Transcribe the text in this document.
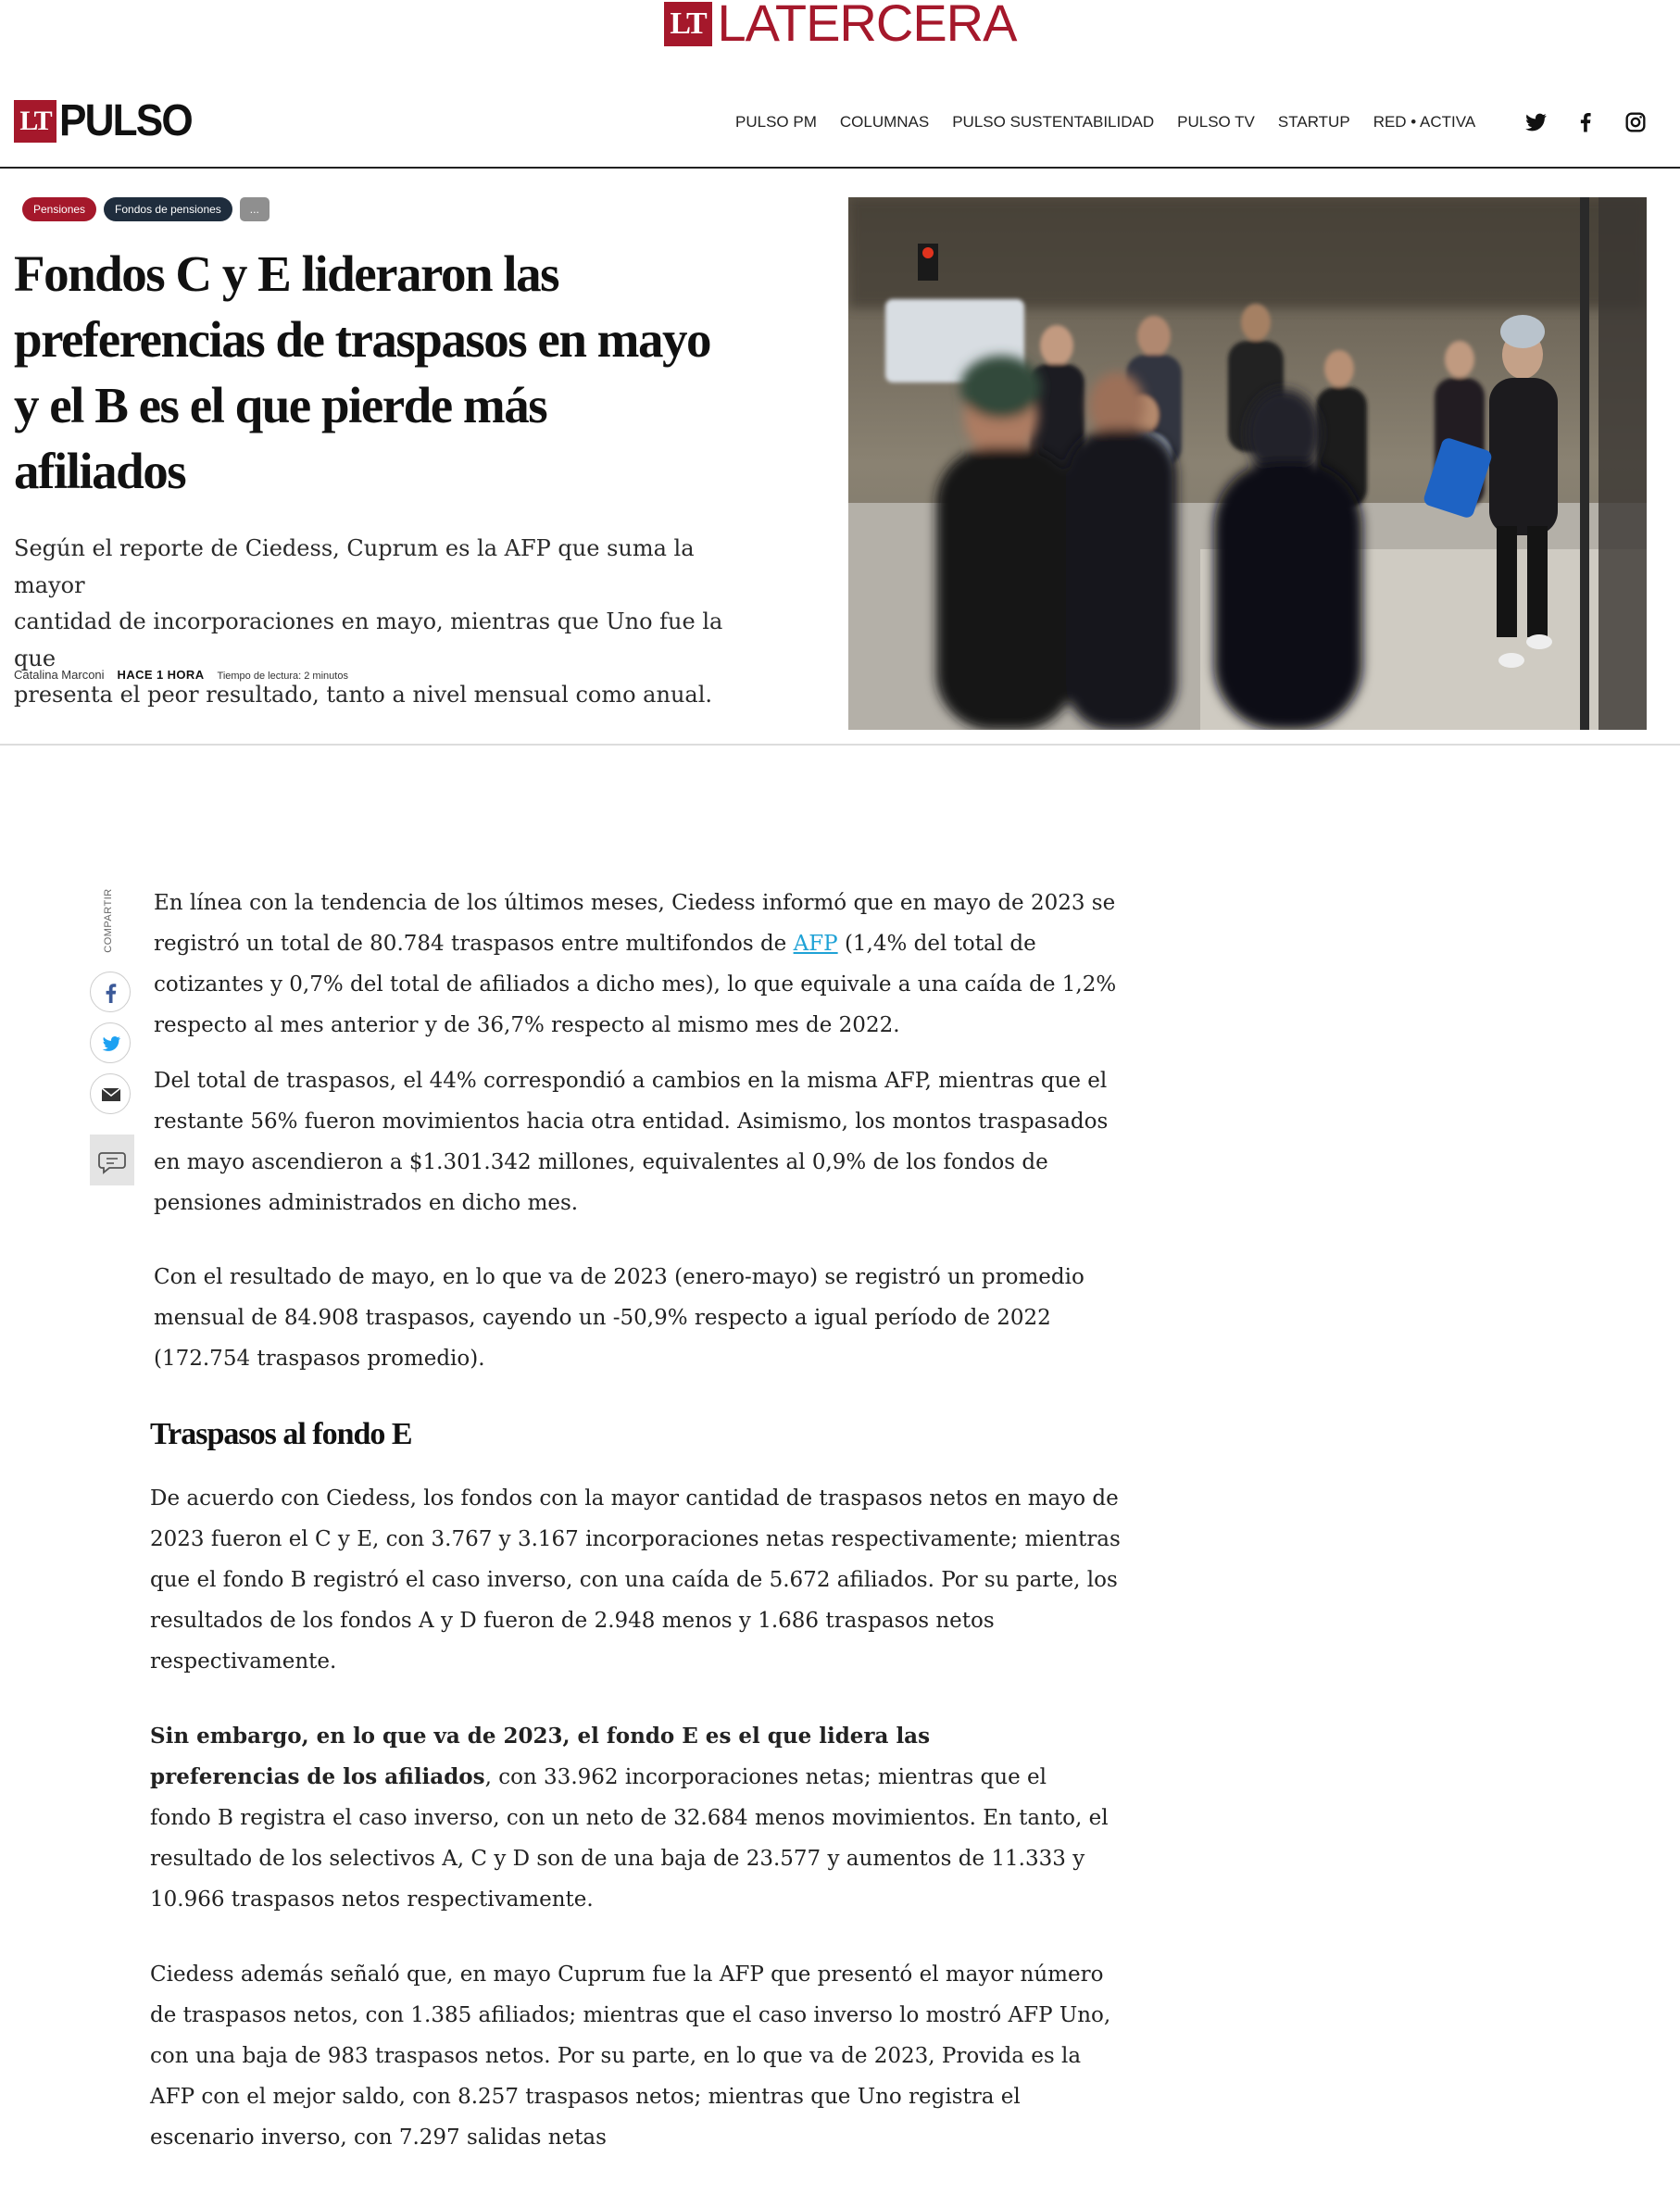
LT LATERCERA
LT PULSO	PULSO PM COLUMNAS PULSO SUSTENTABILIDAD PULSO TV STARTUP RED • ACTIVA
Pensiones	Fondos de pensiones	...
Fondos C y E lideraron las
preferencias de traspasos en mayo
y el B es el que pierde más
afiliados
Según el reporte de Ciedess, Cuprum es la AFP que suma la mayor
cantidad de incorporaciones en mayo, mientras que Uno fue la que
presenta el peor resultado, tanto a nivel mensual como anual.
Catalina Marconi HACE 1 HORA Tiempo de lectura: 2 minutos
COMPARTIR En línea con la tendencia de los últimos meses, Ciedess informó que en mayo de 2023 se
registró un total de 80.784 traspasos entre multifondos de AFP (1,4% del total de
cotizantes y 0,7% del total de afiliados a dicho mes), lo que equivale a una caída de 1,2%
respecto al mes anterior y de 36,7% respecto al mismo mes de 2022.
Del total de traspasos, el 44% correspondió a cambios en la misma AFP, mientras que el
restante 56% fueron movimientos hacia otra entidad. Asimismo, los montos traspasados
en mayo ascendieron a $1.301.342 millones, equivalentes al 0,9% de los fondos de
pensiones administrados en dicho mes.
Con el resultado de mayo, en lo que va de 2023 (enero-mayo) se registró un promedio
mensual de 84.908 traspasos, cayendo un -50,9% respecto a igual período de 2022
(172.754 traspasos promedio).
Traspasos al fondo E
De acuerdo con Ciedess, los fondos con la mayor cantidad de traspasos netos en mayo de
2023 fueron el C y E, con 3.767 y 3.167 incorporaciones netas respectivamente; mientras
que el fondo B registró el caso inverso, con una caída de 5.672 afiliados. Por su parte, los
resultados de los fondos A y D fueron de 2.948 menos y 1.686 traspasos netos
respectivamente.
Sin embargo, en lo que va de 2023, el fondo E es el que lidera las
preferencias de los afiliados, con 33.962 incorporaciones netas; mientras que el
fondo B registra el caso inverso, con un neto de 32.684 menos movimientos. En tanto, el
resultado de los selectivos A, C y D son de una baja de 23.577 y aumentos de 11.333 y
10.966 traspasos netos respectivamente.
Ciedess además señaló que, en mayo Cuprum fue la AFP que presentó el mayor número
de traspasos netos, con 1.385 afiliados; mientras que el caso inverso lo mostró AFP Uno,
con una baja de 983 traspasos netos. Por su parte, en lo que va de 2023, Provida es la
AFP con el mejor saldo, con 8.257 traspasos netos; mientras que Uno registra el
escenario inverso, con 7.297 salidas netas
